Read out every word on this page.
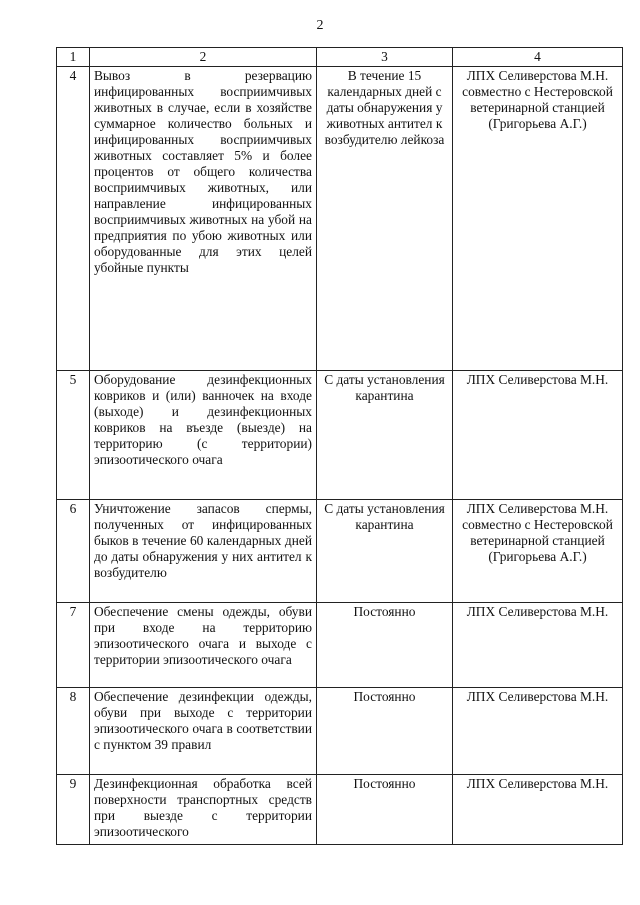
2
1	2	3	4
4	Вывоз в резервацию инфицированных восприимчивых животных в случае, если в хозяйстве суммарное количество больных и инфицированных восприимчивых животных составляет 5% и более процентов от общего количества восприимчивых животных, или направление инфицированных восприимчивых животных на убой на предприятия по убою животных или оборудованные для этих целей убойные пункты	В течение 15 календарных дней с даты обнаружения у животных антител к возбудителю лейкоза	ЛПХ Селиверстова М.Н. совместно с Нестеровской ветеринарной станцией (Григорьева А.Г.)
5	Оборудование дезинфекционных ковриков и (или) ванночек на входе (выходе) и дезинфекционных ковриков на въезде (выезде) на территорию (с территории) эпизоотического очага	С даты установления карантина	ЛПХ Селиверстова М.Н.
6	Уничтожение запасов спермы, полученных от инфицированных быков в течение 60 календарных дней до даты обнаружения у них антител к возбудителю	С даты установления карантина	ЛПХ Селиверстова М.Н. совместно с Нестеровской ветеринарной станцией (Григорьева А.Г.)
7	Обеспечение смены одежды, обуви при входе на территорию эпизоотического очага и выходе с территории эпизоотического очага	Постоянно	ЛПХ Селиверстова М.Н.
8	Обеспечение дезинфекции одежды, обуви при выходе с территории эпизоотического очага в соответствии с пунктом 39 правил	Постоянно	ЛПХ Селиверстова М.Н.
9	Дезинфекционная обработка всей поверхности транспортных средств при выезде с территории эпизоотического	Постоянно	ЛПХ Селиверстова М.Н.
